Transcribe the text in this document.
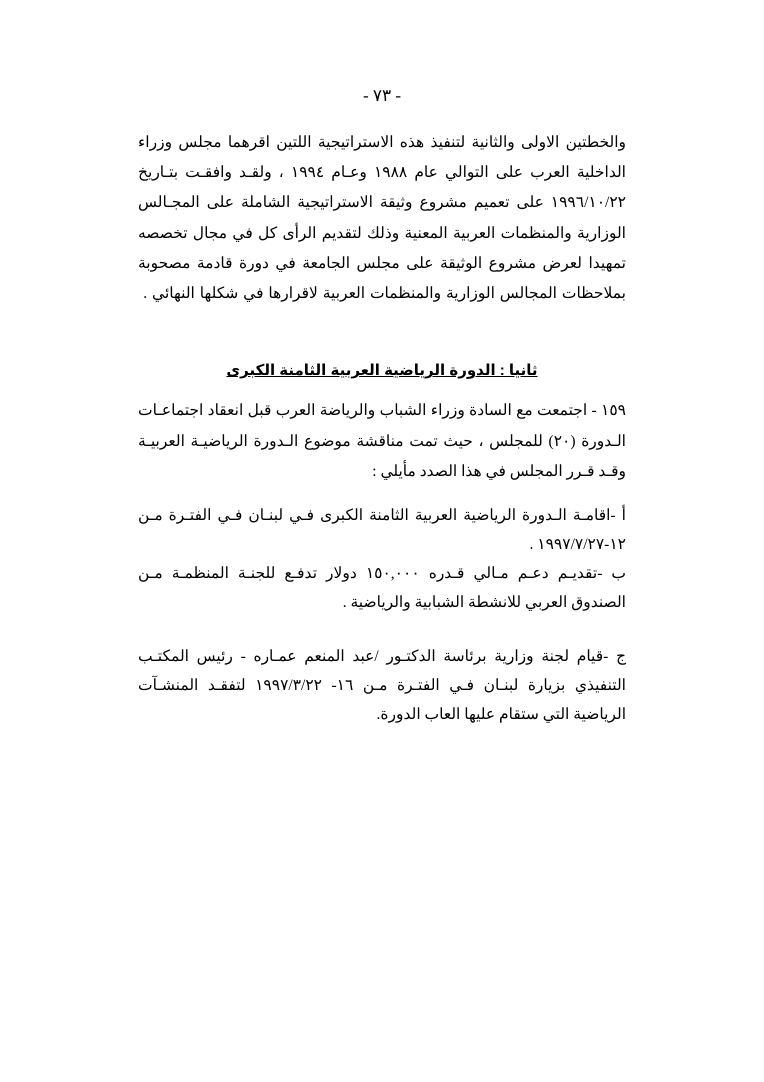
- ٧٣ -

والخطتين الاولى والثانية لتنفيذ هذه الاستراتيجية اللتين اقرهما مجلس وزراء الداخلية العرب على التوالي عام ١٩٨٨ وعـام ١٩٩٤ ، ولقـد وافقـت بتـاريخ ١٩٩٦/١٠/٢٢ على تعميم مشروع وثيقة الاستراتيجية الشاملة على المجـالس الوزارية والمنظمات العربية المعنية وذلك لتقديم الرأى كل في مجال تخصصه تمهيدا لعرض مشروع الوثيقة على مجلس الجامعة في دورة قادمة مصحوبة بملاحظات المجالس الوزارية والمنظمات العربية لاقرارها في شكلها النهائي .

ثانيا : الدورة الرياضية العربية الثامنة الكبرى

١٥٩ - اجتمعت مع السادة وزراء الشباب والرياضة العرب قبل انعقاد اجتماعـات الـدورة (٢٠) للمجلس ، حيث تمت مناقشة موضوع الـدورة الرياضيـة العربيـة وقـد قـرر المجلس في هذا الصدد مأيلي :

أ -اقامـة الـدورة الرياضية العربية الثامنة الكبرى فـي لبنـان فـي الفتـرة مـن ١٢-١٩٩٧/٧/٢٧ .

ب -تقديـم دعـم مـالي قـدره ١٥٠,٠٠٠ دولار تدفـع للجنـة المنظمـة مـن الصندوق العربي للانشطة الشبابية والرياضية .

ج -قيام لجنة وزارية برئاسة الدكتـور /عبد المنعم عمـاره - رئيس المكتـب التنفيذي بزيارة لبنـان فـي الفتـرة مـن ١٦- ١٩٩٧/٣/٢٢ لتفقـد المنشـآت الرياضية التي ستقام عليها العاب الدورة.
